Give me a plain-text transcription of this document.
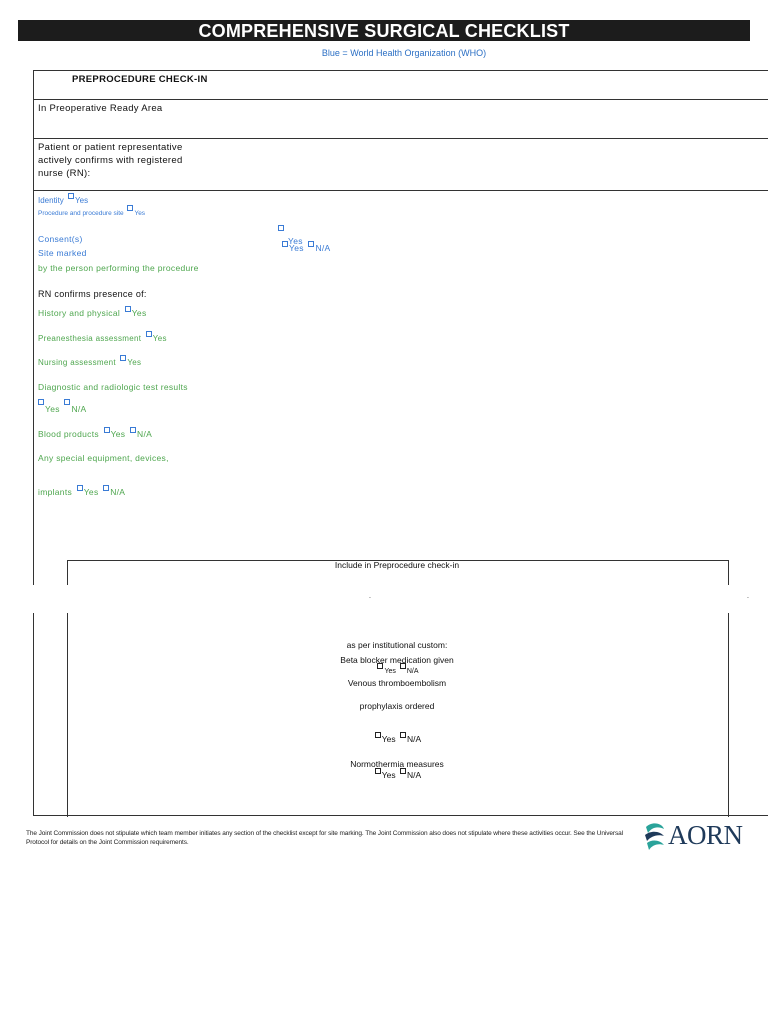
COMPREHENSIVE SURGICAL CHECKLIST
Blue = World Health Organization (WHO)
PREPROCEDURE CHECK-IN
In Preoperative Ready Area
Patient or patient representative
actively confirms with registered
nurse (RN):
Identity Yes
Procedure and procedure site Yes
Consent(s)
Site marked
by the person performing the procedure
Yes
Yes N/A
RN confirms presence of:
History and physical Yes
Preanesthesia assessment Yes
Nursing assessment Yes
Diagnostic and radiologic test results
Yes N/A
Blood products Yes N/A
Any special equipment, devices,
implants Yes N/A
.	.
Include in Preprocedure check-in
as per institutional custom:
Beta blocker medication given
Yes N/A
Venous thromboembolism
prophylaxis ordered
Yes N/A
Normothermia measures
Yes N/A
The Joint Commission does not stipulate which team member initiates any section of the checklist except for site marking. The Joint Commission also does not stipulate where these activities occur. See the Universal Protocol for details on the Joint Commission requirements.	AORN
